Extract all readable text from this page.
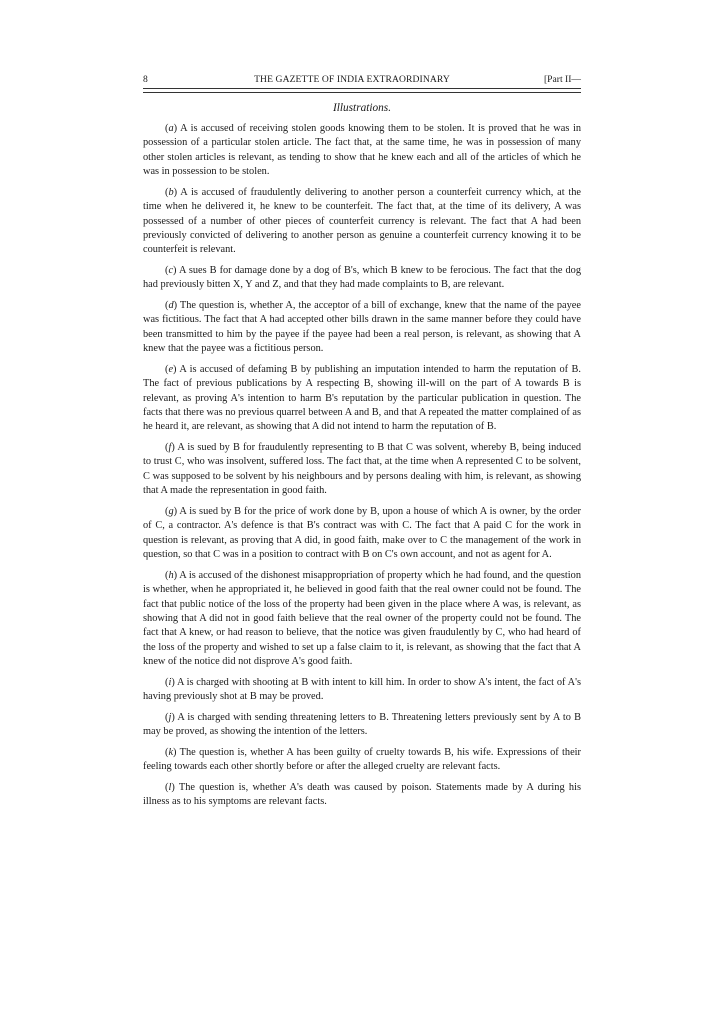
8	THE GAZETTE OF INDIA EXTRAORDINARY	[Part II—
Illustrations.

(a) A is accused of receiving stolen goods knowing them to be stolen. It is proved that he was in possession of a particular stolen article. The fact that, at the same time, he was in possession of many other stolen articles is relevant, as tending to show that he knew each and all of the articles of which he was in possession to be stolen.

(b) A is accused of fraudulently delivering to another person a counterfeit currency which, at the time when he delivered it, he knew to be counterfeit. The fact that, at the time of its delivery, A was possessed of a number of other pieces of counterfeit currency is relevant. The fact that A had been previously convicted of delivering to another person as genuine a counterfeit currency knowing it to be counterfeit is relevant.

(c) A sues B for damage done by a dog of B's, which B knew to be ferocious. The fact that the dog had previously bitten X, Y and Z, and that they had made complaints to B, are relevant.

(d) The question is, whether A, the acceptor of a bill of exchange, knew that the name of the payee was fictitious. The fact that A had accepted other bills drawn in the same manner before they could have been transmitted to him by the payee if the payee had been a real person, is relevant, as showing that A knew that the payee was a fictitious person.

(e) A is accused of defaming B by publishing an imputation intended to harm the reputation of B. The fact of previous publications by A respecting B, showing ill-will on the part of A towards B is relevant, as proving A's intention to harm B's reputation by the particular publication in question. The facts that there was no previous quarrel between A and B, and that A repeated the matter complained of as he heard it, are relevant, as showing that A did not intend to harm the reputation of B.

(f) A is sued by B for fraudulently representing to B that C was solvent, whereby B, being induced to trust C, who was insolvent, suffered loss. The fact that, at the time when A represented C to be solvent, C was supposed to be solvent by his neighbours and by persons dealing with him, is relevant, as showing that A made the representation in good faith.

(g) A is sued by B for the price of work done by B, upon a house of which A is owner, by the order of C, a contractor. A's defence is that B's contract was with C. The fact that A paid C for the work in question is relevant, as proving that A did, in good faith, make over to C the management of the work in question, so that C was in a position to contract with B on C's own account, and not as agent for A.

(h) A is accused of the dishonest misappropriation of property which he had found, and the question is whether, when he appropriated it, he believed in good faith that the real owner could not be found. The fact that public notice of the loss of the property had been given in the place where A was, is relevant, as showing that A did not in good faith believe that the real owner of the property could not be found. The fact that A knew, or had reason to believe, that the notice was given fraudulently by C, who had heard of the loss of the property and wished to set up a false claim to it, is relevant, as showing that the fact that A knew of the notice did not disprove A's good faith.

(i) A is charged with shooting at B with intent to kill him. In order to show A's intent, the fact of A's having previously shot at B may be proved.

(j) A is charged with sending threatening letters to B. Threatening letters previously sent by A to B may be proved, as showing the intention of the letters.

(k) The question is, whether A has been guilty of cruelty towards B, his wife. Expressions of their feeling towards each other shortly before or after the alleged cruelty are relevant facts.

(l) The question is, whether A's death was caused by poison. Statements made by A during his illness as to his symptoms are relevant facts.
